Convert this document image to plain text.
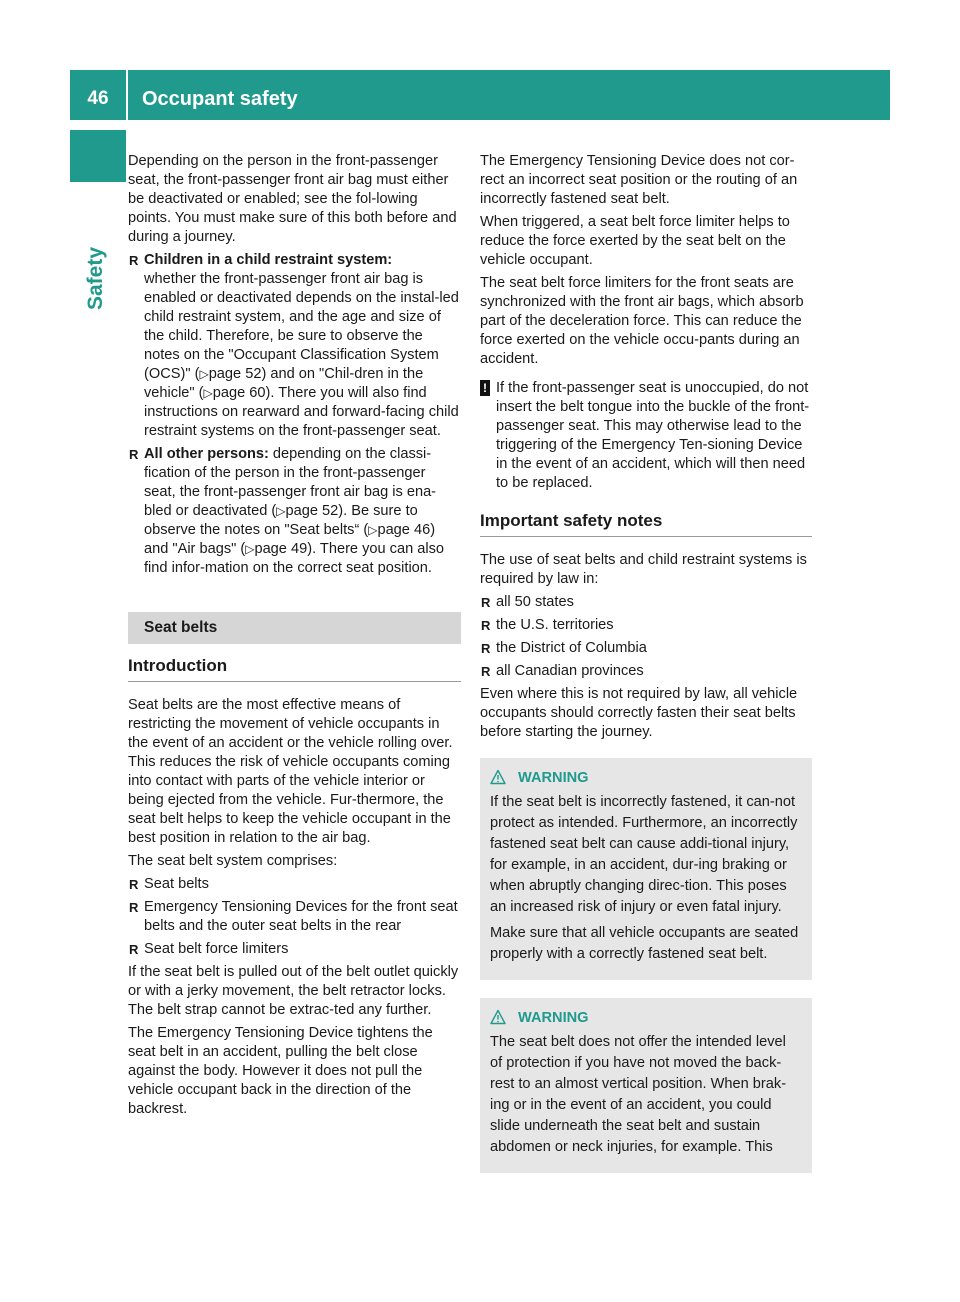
46	Occupant safety
Safety

Depending on the person in the front-passenger seat, the front-passenger front air bag must either be deactivated or enabled; see the fol-lowing points. You must make sure of this both before and during a journey.

R Children in a child restraint system:
whether the front-passenger front air bag is enabled or deactivated depends on the instal-led child restraint system, and the age and size of the child. Therefore, be sure to observe the notes on the "Occupant Classification System (OCS)" (▷page 52) and on "Chil-dren in the vehicle" (▷page 60). There you will also find instructions on rearward and forward-facing child restraint systems on the front-passenger seat.
R All other persons: depending on the classi-fication of the person in the front-passenger seat, the front-passenger front air bag is ena-bled or deactivated (▷page 52). Be sure to observe the notes on "Seat belts“ (▷page 46) and "Air bags" (▷page 49). There you can also find infor-mation on the correct seat position.
Seat belts
Introduction

Seat belts are the most effective means of restricting the movement of vehicle occupants in the event of an accident or the vehicle rolling over. This reduces the risk of vehicle occupants coming into contact with parts of the vehicle interior or being ejected from the vehicle. Fur-thermore, the seat belt helps to keep the vehicle occupant in the best position in relation to the air bag.

The seat belt system comprises:

R Seat belts
R Emergency Tensioning Devices for the front seat belts and the outer seat belts in the rear
R Seat belt force limiters

If the seat belt is pulled out of the belt outlet quickly or with a jerky movement, the belt retractor locks. The belt strap cannot be extrac-ted any further.

The Emergency Tensioning Device tightens the seat belt in an accident, pulling the belt close against the body. However it does not pull the vehicle occupant back in the direction of the backrest.

The Emergency Tensioning Device does not cor-rect an incorrect seat position or the routing of an incorrectly fastened seat belt.

When triggered, a seat belt force limiter helps to reduce the force exerted by the seat belt on the vehicle occupant.

The seat belt force limiters for the front seats are synchronized with the front air bags, which absorb part of the deceleration force. This can reduce the force exerted on the vehicle occu-pants during an accident.

! If the front-passenger seat is unoccupied, do not insert the belt tongue into the buckle of the front-passenger seat. This may otherwise lead to the triggering of the Emergency Ten-sioning Device in the event of an accident, which will then need to be replaced.
Important safety notes

The use of seat belts and child restraint systems is required by law in:

R all 50 states
R the U.S. territories
R the District of Columbia
R all Canadian provinces

Even where this is not required by law, all vehicle occupants should correctly fasten their seat belts before starting the journey.

WARNING

If the seat belt is incorrectly fastened, it can-not protect as intended. Furthermore, an incorrectly fastened seat belt can cause addi-tional injury, for example, in an accident, dur-ing braking or when abruptly changing direc-tion. This poses an increased risk of injury or even fatal injury.

Make sure that all vehicle occupants are seated properly with a correctly fastened seat belt.

WARNING

The seat belt does not offer the intended level of protection if you have not moved the back-rest to an almost vertical position. When brak-ing or in the event of an accident, you could slide underneath the seat belt and sustain abdomen or neck injuries, for example. This
